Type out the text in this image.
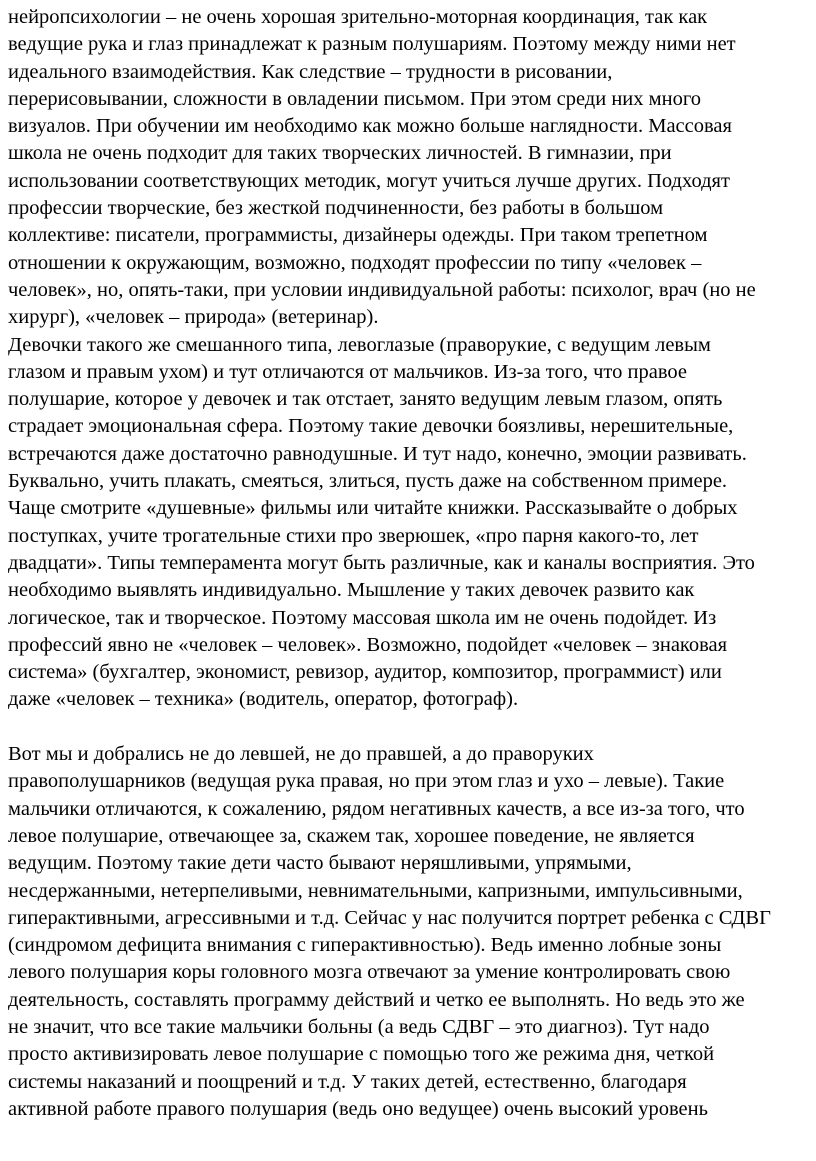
нейропсихологии – не очень хорошая зрительно-моторная координация, так как
ведущие рука и глаз принадлежат к разным полушариям. Поэтому между ними нет
идеального взаимодействия. Как следствие – трудности в рисовании,
перерисовывании, сложности в овладении письмом. При этом среди них много
визуалов. При обучении им необходимо как можно больше наглядности. Массовая
школа не очень подходит для таких творческих личностей. В гимназии, при
использовании соответствующих методик, могут учиться лучше других. Подходят
профессии творческие, без жесткой подчиненности, без работы в большом
коллективе: писатели, программисты, дизайнеры одежды. При таком трепетном
отношении к окружающим, возможно, подходят профессии по типу «человек –
человек», но, опять-таки, при условии индивидуальной работы: психолог, врач (но не
хирург), «человек – природа» (ветеринар).
Девочки такого же смешанного типа, левоглазые (праворукие, с ведущим левым
глазом и правым ухом) и тут отличаются от мальчиков. Из-за того, что правое
полушарие, которое у девочек и так отстает, занято ведущим левым глазом, опять
страдает эмоциональная сфера. Поэтому такие девочки боязливы, нерешительные,
встречаются даже достаточно равнодушные. И тут надо, конечно, эмоции развивать.
Буквально, учить плакать, смеяться, злиться, пусть даже на собственном примере.
Чаще смотрите «душевные» фильмы или читайте книжки. Рассказывайте о добрых
поступках, учите трогательные стихи про зверюшек, «про парня какого-то, лет
двадцати». Типы темперамента могут быть различные, как и каналы восприятия. Это
необходимо выявлять индивидуально. Мышление у таких девочек развито как
логическое, так и творческое. Поэтому массовая школа им не очень подойдет. Из
профессий явно не «человек – человек». Возможно, подойдет «человек – знаковая
система» (бухгалтер, экономист, ревизор, аудитор, композитор, программист) или
даже «человек – техника» (водитель, оператор, фотограф).
Вот мы и добрались не до левшей, не до правшей, а до праворуких
правополушарников (ведущая рука правая, но при этом глаз и ухо – левые). Такие
мальчики отличаются, к сожалению, рядом негативных качеств, а все из-за того, что
левое полушарие, отвечающее за, скажем так, хорошее поведение, не является
ведущим. Поэтому такие дети часто бывают неряшливыми, упрямыми,
несдержанными, нетерпеливыми, невнимательными, капризными, импульсивными,
гиперактивными, агрессивными и т.д. Сейчас у нас получится портрет ребенка с СДВГ
(синдромом дефицита внимания с гиперактивностью). Ведь именно лобные зоны
левого полушария коры головного мозга отвечают за умение контролировать свою
деятельность, составлять программу действий и четко ее выполнять. Но ведь это же
не значит, что все такие мальчики больны (а ведь СДВГ – это диагноз). Тут надо
просто активизировать левое полушарие с помощью того же режима дня, четкой
системы наказаний и поощрений и т.д. У таких детей, естественно, благодаря
активной работе правого полушария (ведь оно ведущее) очень высокий уровень
